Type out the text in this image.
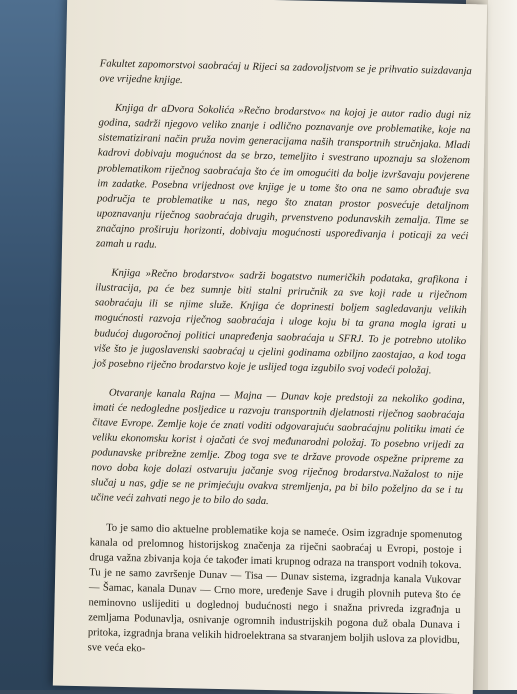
Fakultet zapomorstvoi saobraćaj u Rijeci sa zadovoljstvom se je prihvatio suizdavanja ove vrijedne knjige.

Knjiga dr aDvora Sokolića »Rečno brodarstvo« na kojoj je autor radio dugi niz godina, sadrži njegovo veliko znanje i odlično poznavanje ove problematike, koje na sistematizirani način pruža novim generacijama naših transportnih stručnjaka. Mladi kadrovi dobivaju mogućnost da se brzo, temeljito i svestrano upoznaju sa složenom problematikom riječnog saobraćaja što će im omogućiti da bolje izvršavaju povjerene im zadatke. Posebna vrijednost ove knjige je u tome što ona ne samo obrađuje sva područja te problematike u nas, nego što znatan prostor posvećuje detaljnom upoznavanju riječnog saobraćaja drugih, prvenstveno podunavskih zemalja. Time se značajno proširuju horizonti, dobivaju mogućnosti uspoređivanja i poticaji za veći zamah u radu.

Knjiga »Rečno brodarstvo« sadrži bogatstvo numeričkih podataka, grafikona i ilustracija, pa će bez sumnje biti stalni priručnik za sve koji rade u riječnom saobraćaju ili se njime služe. Knjiga će doprinesti boljem sagledavanju velikih mogućnosti razvoja riječnog saobraćaja i uloge koju bi ta grana mogla igrati u budućoj dugoročnoj politici unapređenja saobraćaja u SFRJ. To je potrebno utoliko više što je jugoslavenski saobraćaj u cjelini godinama ozbiljno zaostajao, a kod toga još posebno riječno brodarstvo koje je uslijed toga izgubilo svoj vodeći položaj.

Otvaranje kanala Rajna — Majna — Dunav koje predstoji za nekoliko godina, imati će nedogledne posljedice u razvoju transportnih djelatnosti riječnog saobraćaja čitave Evrope. Zemlje koje će znati voditi odgovarajuću saobraćajnu politiku imati će veliku ekonomsku korist i ojačati će svoj međunarodni položaj. To posebno vrijedi za podunavske pribrežne zemlje. Zbog toga sve te države provode ospežne pripreme za novo doba koje dolazi ostvaruju jačanje svog riječnog brodarstva.Nažalost to nije slučaj u nas, gdje se ne primjećuju ovakva stremljenja, pa bi bilo poželjno da se i tu učine veći zahvati nego je to bilo do sada.

To je samo dio aktuelne problematike koja se nameće. Osim izgradnje spomenutog kanala od prelomnog historijskog značenja za riječni saobraćaj u Evropi, postoje i druga važna zbivanja koja će također imati krupnog odraza na transport vodnih tokova. Tu je ne samo završenje Dunav — Tisa — Dunav sistema, izgradnja kanala Vukovar — Šamac, kanala Dunav — Crno more, uređenje Save i drugih plovnih puteva što će neminovno uslijediti u doglednoj budućnosti nego i snažna privreda izgrađnja u zemljama Podunavlja, osnivanje ogromnih industrijskih pogona duž obala Dunava i pritoka, izgradnja brana velikih hidroelektrana sa stvaranjem boljih uslova za plovidbu, sve veća eko-
